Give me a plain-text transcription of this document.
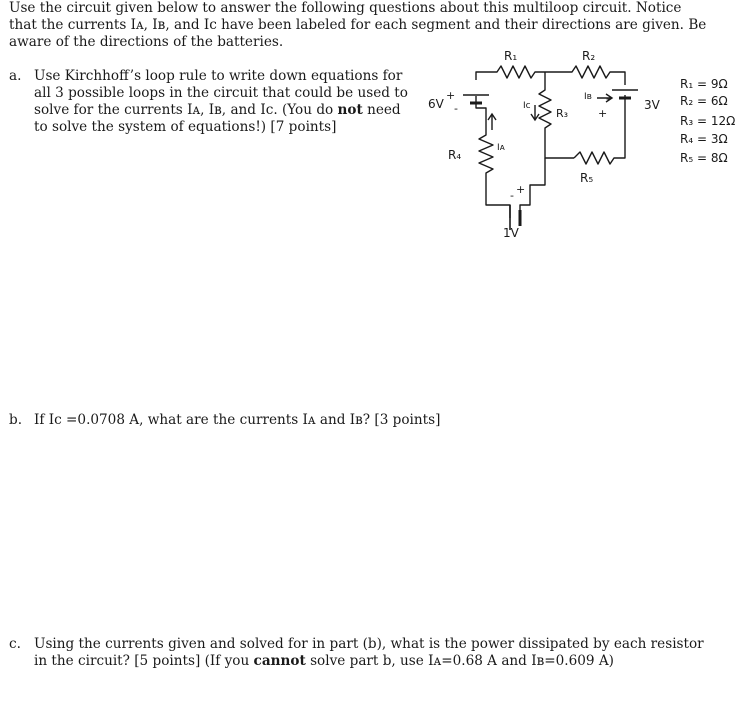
Use the circuit given below to answer the following questions about this multiloop circuit. Notice that the currents Iᴀ, Iʙ, and Ic have been labeled for each segment and their directions are given. Be aware of the directions of the batteries.
a. Use Kirchhoff’s loop rule to write down equations for all 3 possible loops in the circuit that could be used to solve for the currents Iᴀ, Iʙ, and Ic. (You do not need to solve the system of equations!) [7 points]
b. If Ic =0.0708 A, what are the currents Iᴀ and Iʙ? [3 points]
c. Using the currents given and solved for in part (b), what is the power dissipated by each resistor in the circuit? [5 points] (If you cannot solve part b, use Iᴀ=0.68 A and Iʙ=0.609 A)
R₁	R₂
R₃
R₄
R₅
6V	3V
1V
+
-
-
+
- +
Iᴀ
Ic
Iʙ
R₁ = 9Ω
R₂ = 6Ω
R₃ = 12Ω
R₄ = 3Ω
R₅ = 8Ω
